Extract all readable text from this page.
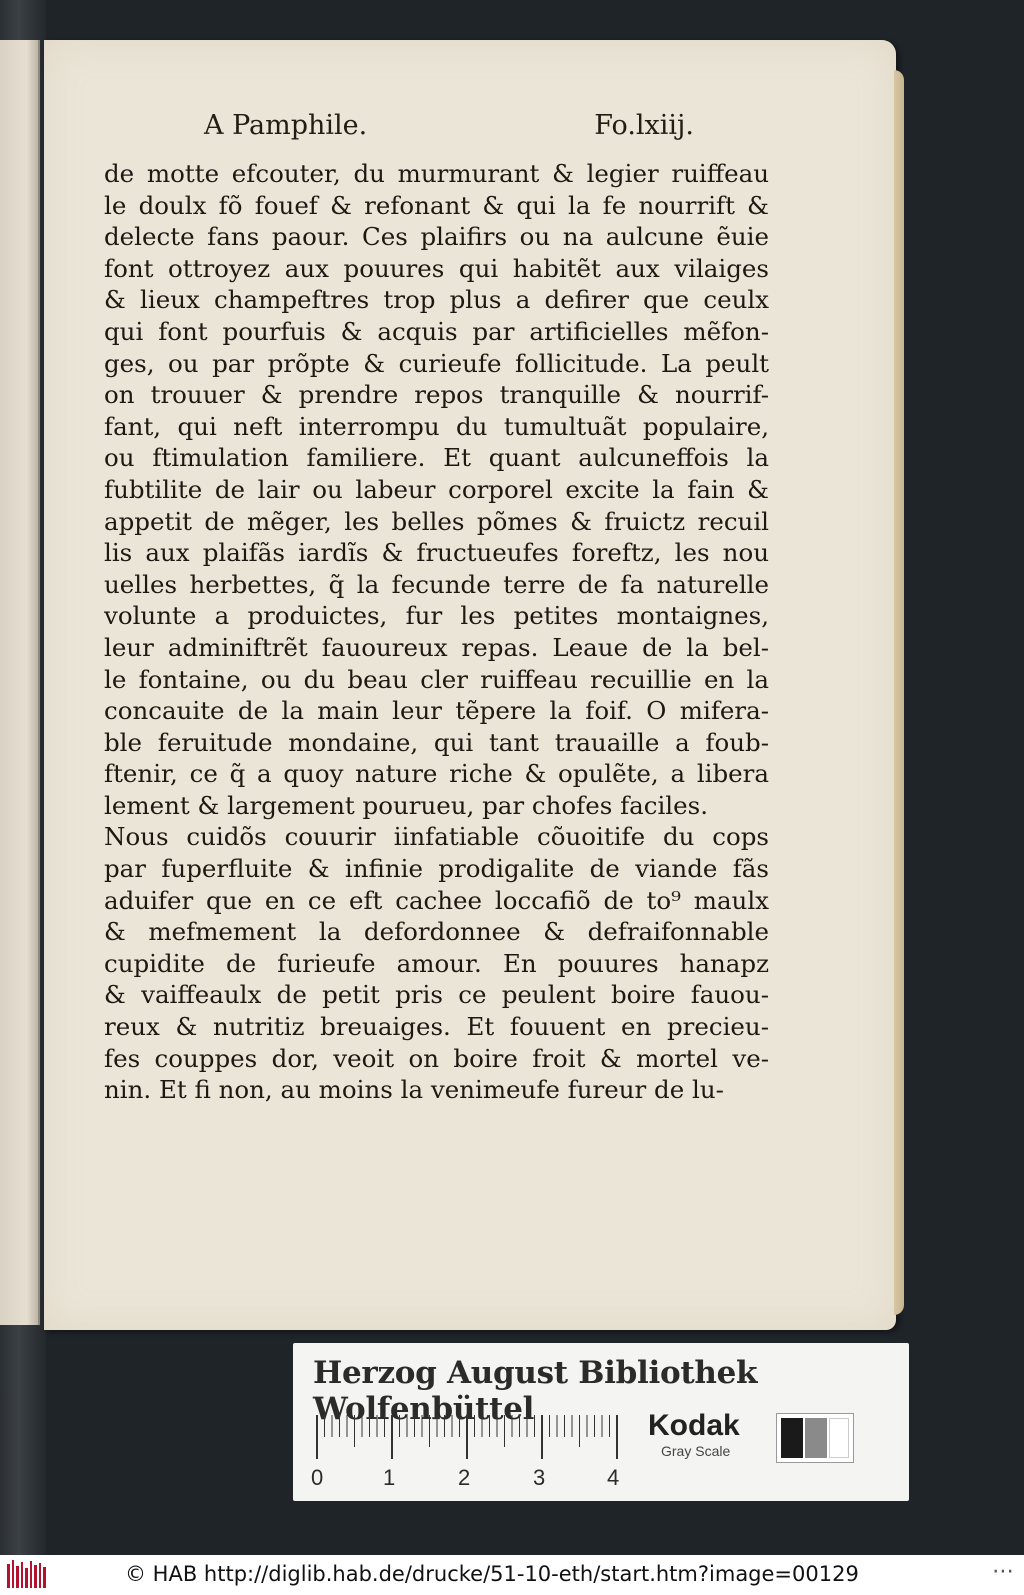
A Pamphile.	Fo.lxiij.
de motte efcouter, du murmurant & legier ruiffeau
le doulx fõ fouef & refonant & qui la fe nourrift &
delecte fans paour. Ces plaifirs ou na aulcune ẽuie
font ottroyez aux pouures qui habitẽt aux vilaiges
& lieux champeftres trop plus a defirer que ceulx
qui font pourfuis & acquis par artificielles mẽfon-
ges, ou par prõpte & curieufe follicitude. La peult
on trouuer & prendre repos tranquille & nourrif-
fant, qui neft interrompu du tumultuãt populaire,
ou ftimulation familiere. Et quant aulcuneffois la
fubtilite de lair ou labeur corporel excite la fain &
appetit de mẽger, les belles põmes & fruictz recuil
lis aux plaifãs iardĩs & fructueufes foreftz, les nou
uelles herbettes, q̃ la fecunde terre de fa naturelle
volunte a produictes, fur les petites montaignes,
leur adminiftrẽt fauoureux repas. Leaue de la bel-
le fontaine, ou du beau cler ruiffeau recuillie en la
concauite de la main leur tẽpere la foif. O mifera-
ble feruitude mondaine, qui tant trauaille a foub-
ftenir, ce q̃ a quoy nature riche & opulẽte, a libera
lement & largement pourueu, par chofes faciles.
Nous cuidõs couurir iinfatiable cõuoitife du cops
par fuperfluite & infinie prodigalite de viande fãs
aduifer que en ce eft cachee loccafiõ de to⁹ maulx
& mefmement la defordonnee & defraifonnable
cupidite de furieufe amour. En pouures hanapz
& vaiffeaulx de petit pris ce peulent boire fauou-
reux & nutritiz breuaiges. Et fouuent en precieu-
fes couppes dor, veoit on boire froit & mortel ve-
nin. Et fi non, au moins la venimeufe fureur de lu-
Herzog August Bibliothek Wolfenbüttel
0	1	2	3	4
Kodak
Gray Scale
© HAB http://diglib.hab.de/drucke/51-10-eth/start.htm?image=00129	⋯
